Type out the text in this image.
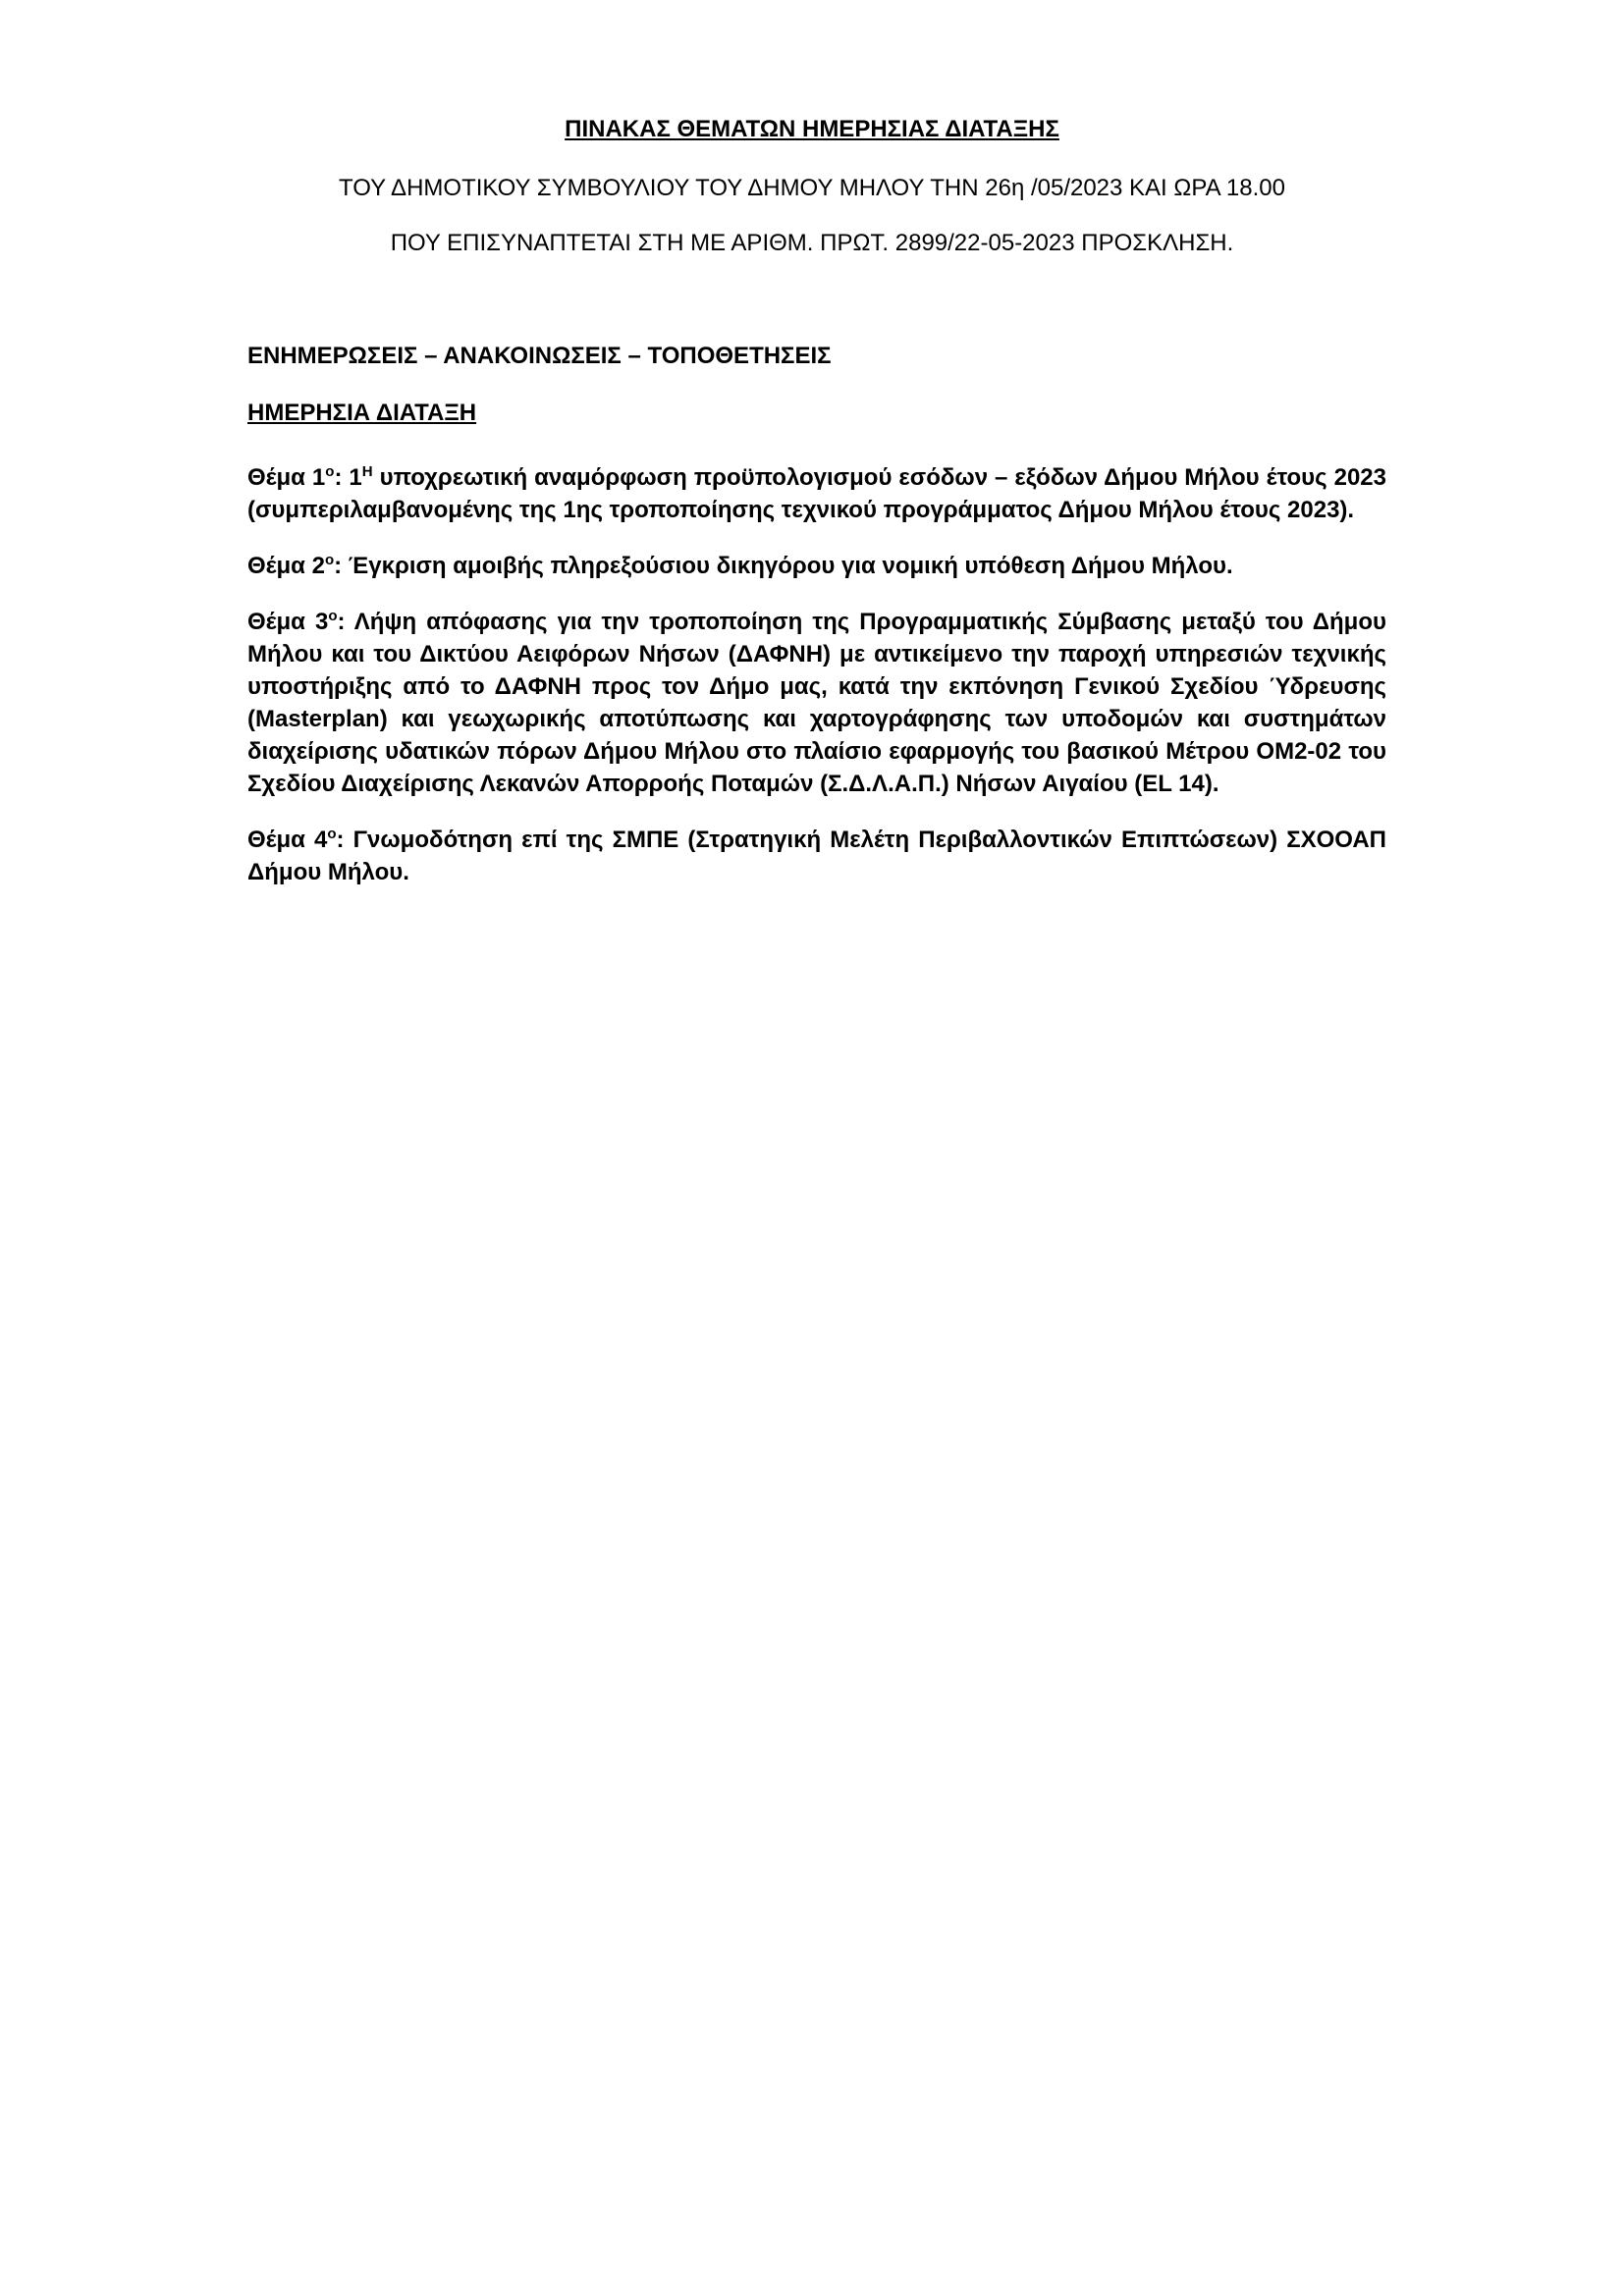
ΠΙΝΑΚΑΣ ΘΕΜΑΤΩΝ ΗΜΕΡΗΣΙΑΣ ΔΙΑΤΑΞΗΣ
ΤΟΥ ΔΗΜΟΤΙΚΟΥ ΣΥΜΒΟΥΛΙΟΥ ΤΟΥ ΔΗΜΟΥ ΜΗΛΟΥ ΤΗΝ 26η /05/2023 ΚΑΙ ΩΡΑ 18.00
ΠΟΥ ΕΠΙΣΥΝΑΠΤΕΤΑΙ ΣΤΗ ΜΕ ΑΡΙΘΜ. ΠΡΩΤ. 2899/22-05-2023 ΠΡΟΣΚΛΗΣΗ.

ΕΝΗΜΕΡΩΣΕΙΣ – ΑΝΑΚΟΙΝΩΣΕΙΣ – ΤΟΠΟΘΕΤΗΣΕΙΣ

ΗΜΕΡΗΣΙΑ ΔΙΑΤΑΞΗ

Θέμα $1^o$: $1^H$ υποχρεωτική αναμόρφωση προϋπολογισμού εσόδων – εξόδων Δήμου Μήλου έτους 2023 (συμπεριλαμβανομένης της 1ης τροποποίησης τεχνικού προγράμματος Δήμου Μήλου έτους 2023).

Θέμα $2^o$: Έγκριση αμοιβής πληρεξούσιου δικηγόρου για νομική υπόθεση Δήμου Μήλου.

Θέμα $3^o$: Λήψη απόφασης για την τροποποίηση της Προγραμματικής Σύμβασης μεταξύ του Δήμου Μήλου και του Δικτύου Αειφόρων Νήσων (ΔΑΦΝΗ) με αντικείμενο την παροχή υπηρεσιών τεχνικής υποστήριξης από το ΔΑΦΝΗ προς τον Δήμο μας, κατά την εκπόνηση Γενικού Σχεδίου Ύδρευσης (Masterplan) και γεωχωρικής αποτύπωσης και χαρτογράφησης των υποδομών και συστημάτων διαχείρισης υδατικών πόρων Δήμου Μήλου στο πλαίσιο εφαρμογής του βασικού Μέτρου ΟΜ2-02 του Σχεδίου Διαχείρισης Λεκανών Απορροής Ποταμών (Σ.Δ.Λ.Α.Π.) Νήσων Αιγαίου (EL 14).

Θέμα $4^o$: Γνωμοδότηση επί της ΣΜΠΕ (Στρατηγική Μελέτη Περιβαλλοντικών Επιπτώσεων) ΣΧΟΟΑΠ Δήμου Μήλου.
